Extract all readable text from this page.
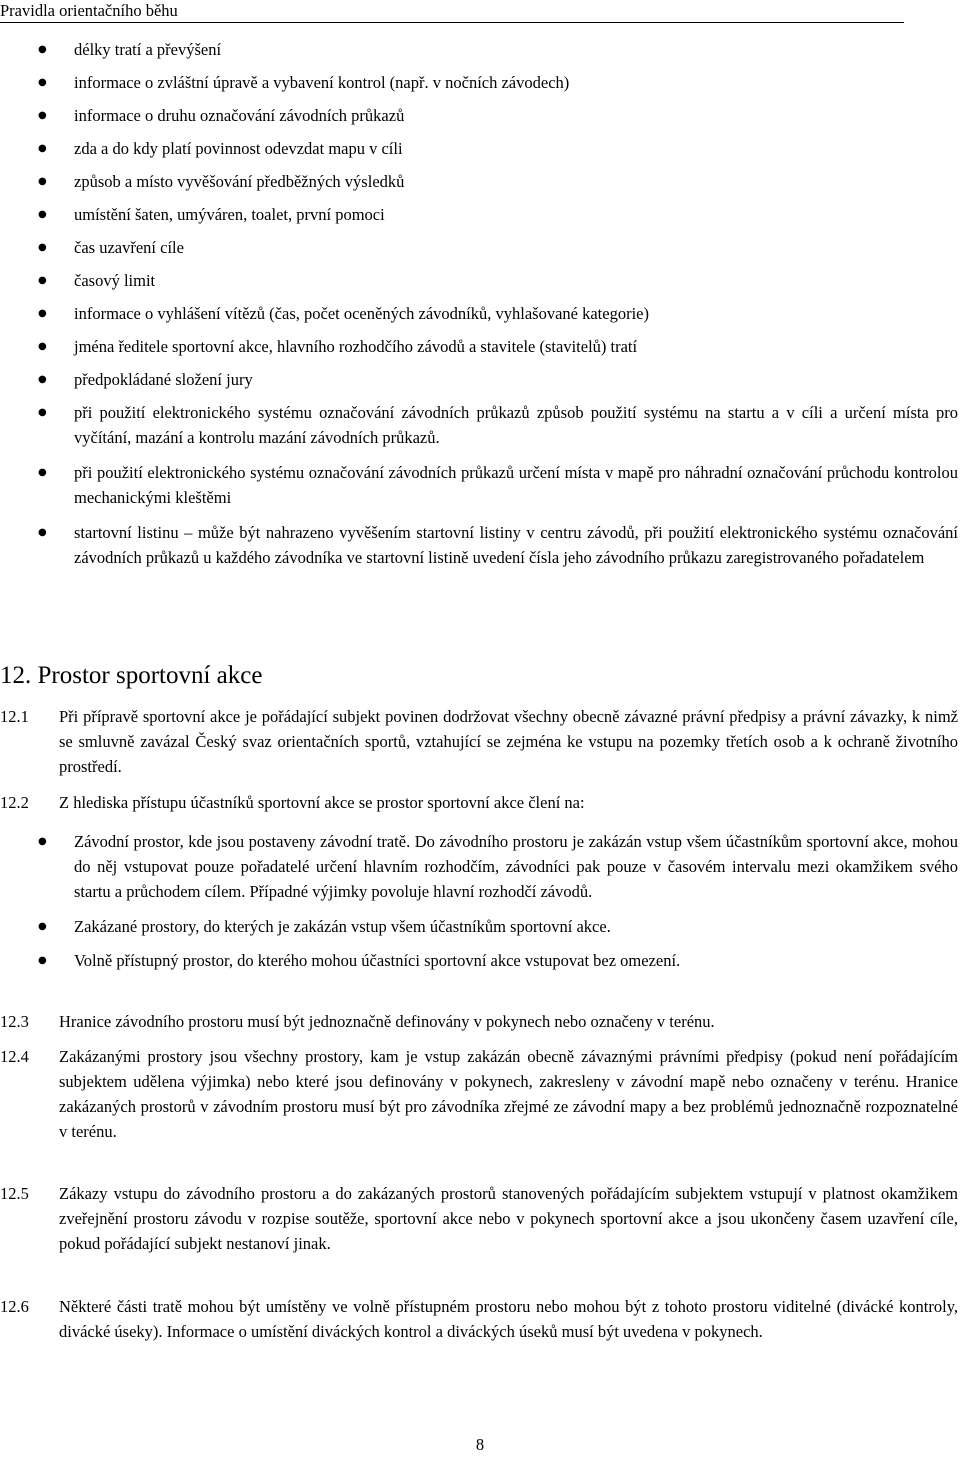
Pravidla orientačního běhu
● délky tratí a převýšení
● informace o zvláštní úpravě a vybavení kontrol (např. v nočních závodech)
● informace o druhu označování závodních průkazů
● zda a do kdy platí povinnost odevzdat mapu v cíli
● způsob a místo vyvěšování předběžných výsledků
● umístění šaten, umýváren, toalet, první pomoci
● čas uzavření cíle
● časový limit
● informace o vyhlášení vítězů (čas, počet oceněných závodníků, vyhlašované kategorie)
● jména ředitele sportovní akce, hlavního rozhodčího závodů a stavitele (stavitelů) tratí
● předpokládané složení jury
● při použití elektronického systému označování závodních průkazů způsob použití systému na startu a v cíli a určení místa pro vyčítání, mazání a kontrolu mazání závodních průkazů.
● při použití elektronického systému označování závodních průkazů určení místa v mapě pro náhradní označování průchodu kontrolou mechanickými kleštěmi
● startovní listinu – může být nahrazeno vyvěšením startovní listiny v centru závodů, při použití elektronického systému označování závodních průkazů u každého závodníka ve startovní listině uvedení čísla jeho závodního průkazu zaregistrovaného pořadatelem
12. Prostor sportovní akce
12.1	Při přípravě sportovní akce je pořádající subjekt povinen dodržovat všechny obecně závazné právní předpisy a právní závazky, k nimž se smluvně zavázal Český svaz orientačních sportů, vztahující se zejména ke vstupu na pozemky třetích osob a k ochraně životního prostředí.
12.2	Z hlediska přístupu účastníků sportovní akce se prostor sportovní akce člení na:
● Závodní prostor, kde jsou postaveny závodní tratě. Do závodního prostoru je zakázán vstup všem účastníkům sportovní akce, mohou do něj vstupovat pouze pořadatelé určení hlavním rozhodčím, závodníci pak pouze v časovém intervalu mezi okamžikem svého startu a průchodem cílem. Případné výjimky povoluje hlavní rozhodčí závodů.
● Zakázané prostory, do kterých je zakázán vstup všem účastníkům sportovní akce.
● Volně přístupný prostor, do kterého mohou účastníci sportovní akce vstupovat bez omezení.
12.3	Hranice závodního prostoru musí být jednoznačně definovány v pokynech nebo označeny v terénu.
12.4	Zakázanými prostory jsou všechny prostory, kam je vstup zakázán obecně závaznými právními předpisy (pokud není pořádajícím subjektem udělena výjimka) nebo které jsou definovány v pokynech, zakresleny v závodní mapě nebo označeny v terénu. Hranice zakázaných prostorů v závodním prostoru musí být pro závodníka zřejmé ze závodní mapy a bez problémů jednoznačně rozpoznatelné v terénu.
12.5	Zákazy vstupu do závodního prostoru a do zakázaných prostorů stanovených pořádajícím subjektem vstupují v platnost okamžikem zveřejnění prostoru závodu v rozpise soutěže, sportovní akce nebo v pokynech sportovní akce a jsou ukončeny časem uzavření cíle, pokud pořádající subjekt nestanoví jinak.
12.6	Některé části tratě mohou být umístěny ve volně přístupném prostoru nebo mohou být z tohoto prostoru viditelné (divácké kontroly, divácké úseky). Informace o umístění diváckých kontrol a diváckých úseků musí být uvedena v pokynech.
8
